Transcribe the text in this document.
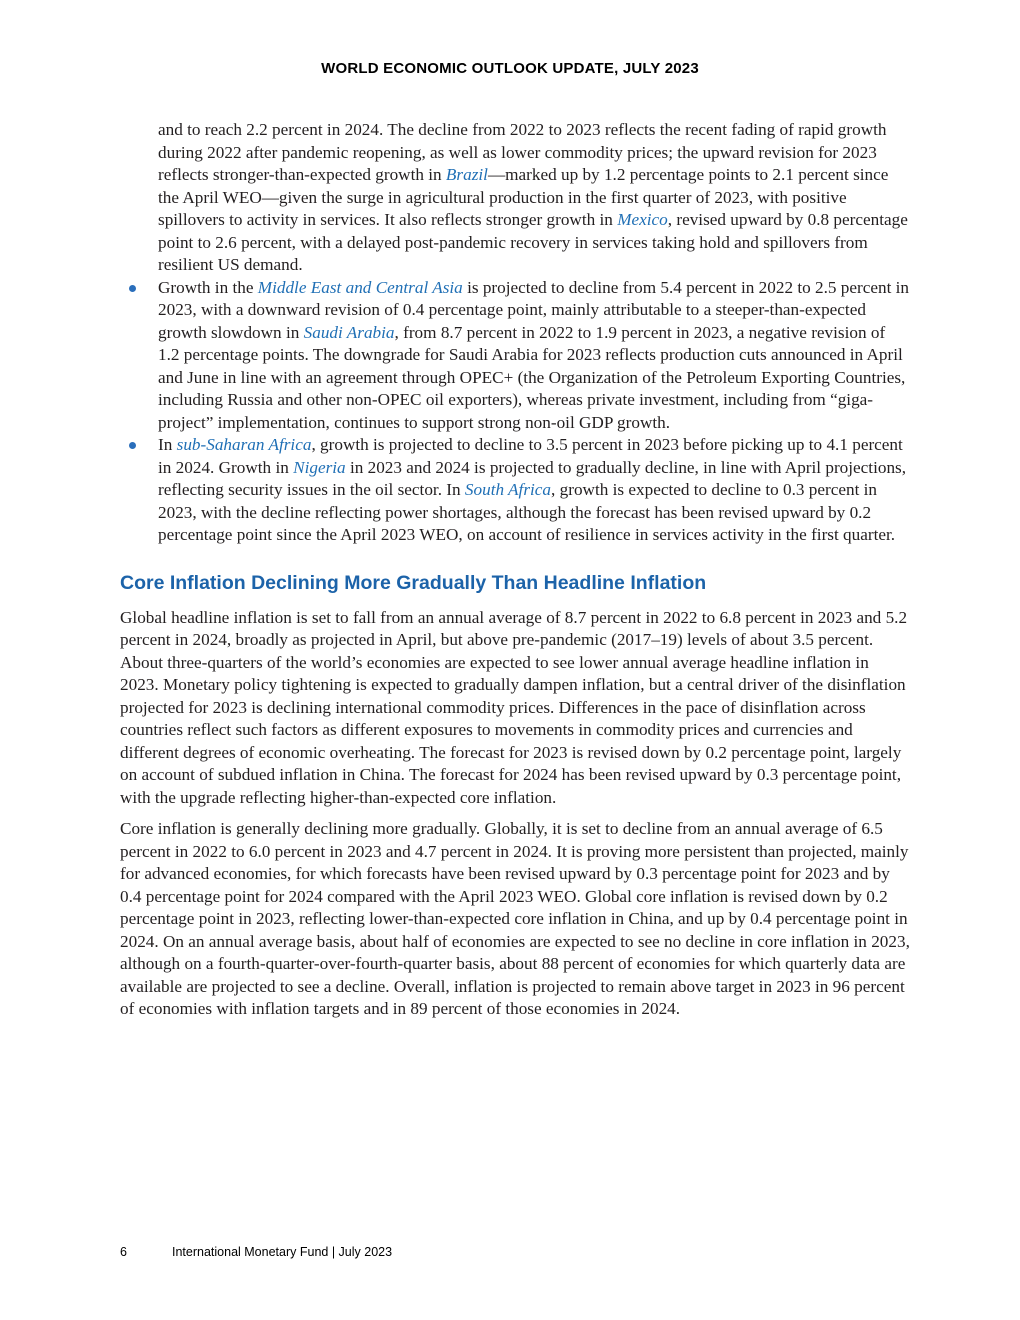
WORLD ECONOMIC OUTLOOK UPDATE, JULY 2023

and to reach 2.2 percent in 2024. The decline from 2022 to 2023 reflects the recent fading of rapid growth during 2022 after pandemic reopening, as well as lower commodity prices; the upward revision for 2023 reflects stronger-than-expected growth in Brazil—marked up by 1.2 percentage points to 2.1 percent since the April WEO—given the surge in agricultural production in the first quarter of 2023, with positive spillovers to activity in services. It also reflects stronger growth in Mexico, revised upward by 0.8 percentage point to 2.6 percent, with a delayed post-pandemic recovery in services taking hold and spillovers from resilient US demand.

Growth in the Middle East and Central Asia is projected to decline from 5.4 percent in 2022 to 2.5 percent in 2023, with a downward revision of 0.4 percentage point, mainly attributable to a steeper-than-expected growth slowdown in Saudi Arabia, from 8.7 percent in 2022 to 1.9 percent in 2023, a negative revision of 1.2 percentage points. The downgrade for Saudi Arabia for 2023 reflects production cuts announced in April and June in line with an agreement through OPEC+ (the Organization of the Petroleum Exporting Countries, including Russia and other non-OPEC oil exporters), whereas private investment, including from “giga-project” implementation, continues to support strong non-oil GDP growth.

In sub-Saharan Africa, growth is projected to decline to 3.5 percent in 2023 before picking up to 4.1 percent in 2024. Growth in Nigeria in 2023 and 2024 is projected to gradually decline, in line with April projections, reflecting security issues in the oil sector. In South Africa, growth is expected to decline to 0.3 percent in 2023, with the decline reflecting power shortages, although the forecast has been revised upward by 0.2 percentage point since the April 2023 WEO, on account of resilience in services activity in the first quarter.

Core Inflation Declining More Gradually Than Headline Inflation

Global headline inflation is set to fall from an annual average of 8.7 percent in 2022 to 6.8 percent in 2023 and 5.2 percent in 2024, broadly as projected in April, but above pre-pandemic (2017–19) levels of about 3.5 percent. About three-quarters of the world’s economies are expected to see lower annual average headline inflation in 2023. Monetary policy tightening is expected to gradually dampen inflation, but a central driver of the disinflation projected for 2023 is declining international commodity prices. Differences in the pace of disinflation across countries reflect such factors as different exposures to movements in commodity prices and currencies and different degrees of economic overheating. The forecast for 2023 is revised down by 0.2 percentage point, largely on account of subdued inflation in China. The forecast for 2024 has been revised upward by 0.3 percentage point, with the upgrade reflecting higher-than-expected core inflation.

Core inflation is generally declining more gradually. Globally, it is set to decline from an annual average of 6.5 percent in 2022 to 6.0 percent in 2023 and 4.7 percent in 2024. It is proving more persistent than projected, mainly for advanced economies, for which forecasts have been revised upward by 0.3 percentage point for 2023 and by 0.4 percentage point for 2024 compared with the April 2023 WEO. Global core inflation is revised down by 0.2 percentage point in 2023, reflecting lower-than-expected core inflation in China, and up by 0.4 percentage point in 2024. On an annual average basis, about half of economies are expected to see no decline in core inflation in 2023, although on a fourth-quarter-over-fourth-quarter basis, about 88 percent of economies for which quarterly data are available are projected to see a decline. Overall, inflation is projected to remain above target in 2023 in 96 percent of economies with inflation targets and in 89 percent of those economies in 2024.

6	International Monetary Fund | July 2023
